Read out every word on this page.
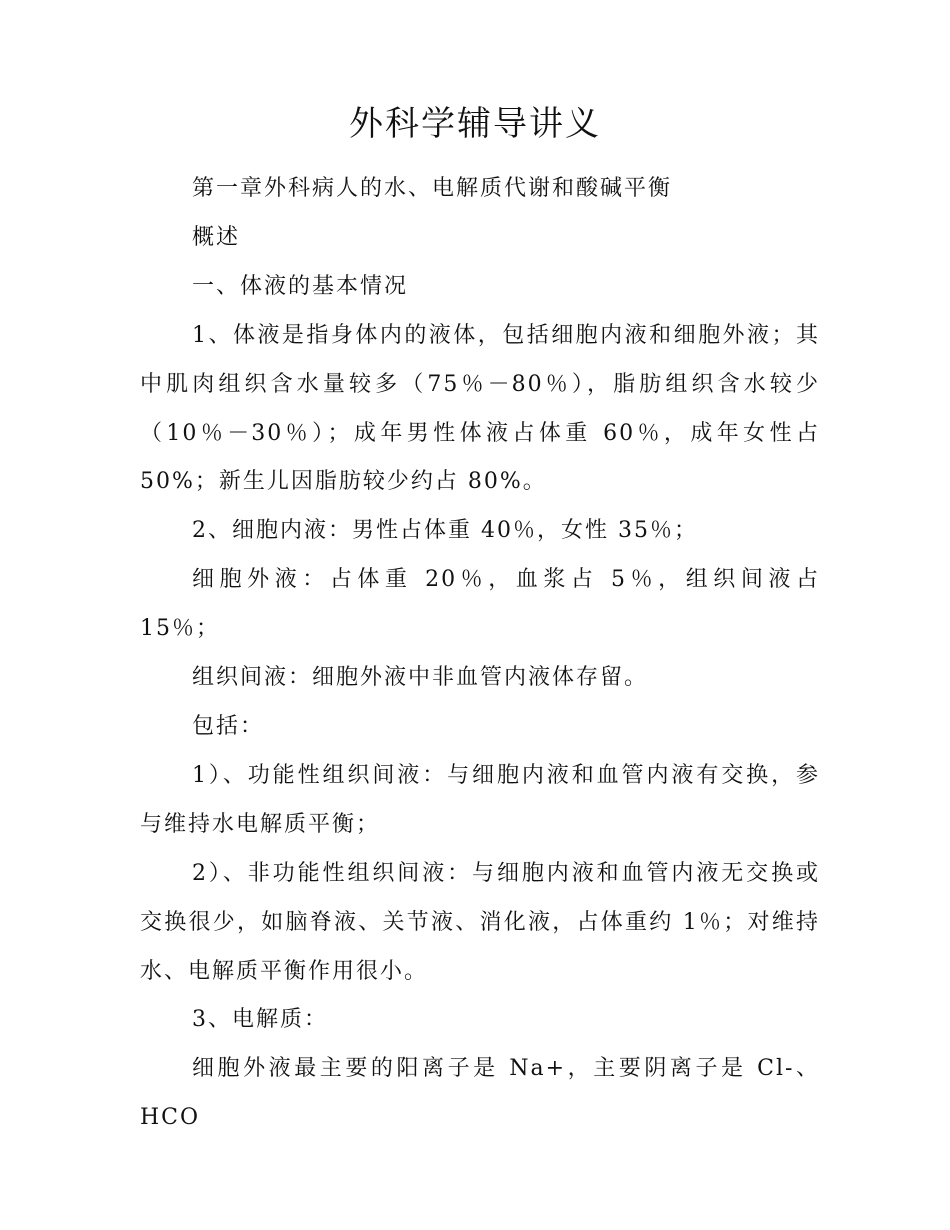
外科学辅导讲义

第一章外科病人的水、电解质代谢和酸碱平衡

概述

一、体液的基本情况

1、体液是指身体内的液体，包括细胞内液和细胞外液；其中肌肉组织含水量较多（75％－80％），脂肪组织含水较少（10％－30％）；成年男性体液占体重 60％，成年女性占 50%；新生儿因脂肪较少约占 80%。

2、细胞内液：男性占体重 40％，女性 35％；

细胞外液：占体重 20％，血浆占 5％，组织间液占 15％；

组织间液：细胞外液中非血管内液体存留。

包括：

1）、功能性组织间液：与细胞内液和血管内液有交换，参与维持水电解质平衡；

2）、非功能性组织间液：与细胞内液和血管内液无交换或交换很少，如脑脊液、关节液、消化液，占体重约 1％；对维持水、电解质平衡作用很小。

3、电解质：

细胞外液最主要的阳离子是 Na+，主要阴离子是 Cl-、HCO
